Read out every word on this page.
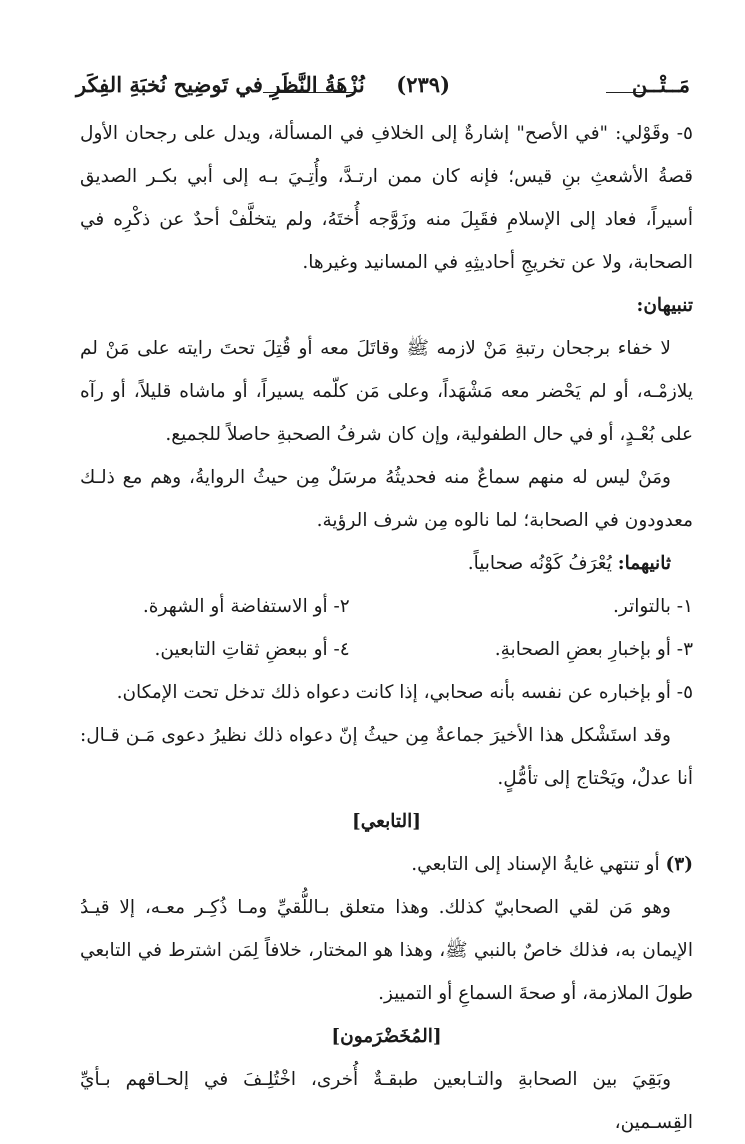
مَــتْــن
(٢٣٩)
نُزْهَةُ النَّظَرِ في تَوضِيح نُخبَةِ الفِكَر

٥- وقَوْلي: "في الأصح" إشارةٌ إلى الخلافِ في المسألة، ويدل على رجحان الأول قصةُ الأشعثِ بنِ قيس؛ فإنه كان ممن ارتـدَّ، وأُتِـيَ بـه إلى أبي بكـر الصديق أسيراً، فعاد إلى الإسلامِ فقَبِلَ منه وزَوَّجه أُختَهُ، ولم يتخلَّفْ أحدٌ عن ذكْرِه في الصحابة، ولا عن تخريجِ أحاديثِهِ في المسانيد وغيرها.

تنبيهان:

لا خفاء برجحان رتبةِ مَنْ لازمه ﷺ وقاتَلَ معه أو قُتِلَ تحتَ رايته على مَنْ لم يلازمْـه، أو لم يَحْضر معه مَشْهَداً، وعلى مَن كلّمه يسيراً، أو ماشاه قليلاً، أو رآه على بُعْـدٍ، أو في حال الطفولية، وإن كان شرفُ الصحبةِ حاصلاً للجميع.

ومَنْ ليس له منهم سماعٌ منه فحديثُهُ مرسَلٌ مِن حيثُ الروايةُ، وهم مع ذلـك معدودون في الصحابة؛ لما نالوه مِن شرف الرؤية.

ثانيهما: يُعْرَفُ كَوْنُه صحابياً.

١- بالتواتر.
٢- أو الاستفاضة أو الشهرة.
٣- أو بإخبارِ بعضِ الصحابةِ.
٤- أو ببعضِ ثقاتِ التابعين.

٥- أو بإخباره عن نفسه بأنه صحابي، إذا كانت دعواه ذلك تدخل تحت الإمكان.

وقد استَشْكل هذا الأخيرَ جماعةٌ مِن حيثُ إنّ دعواه ذلك نظيرُ دعوى مَـن قـال: أنا عدلٌ، ويَحْتاج إلى تأمُّلٍ.

[التابعي]

(٣) أو تنتهي غايةُ الإسناد إلى التابعي.

وهو مَن لقي الصحابيّ كذلك. وهذا متعلق بـاللُّقيِّ ومـا ذُكِـر معـه، إلا قيـدُ الإيمان به، فذلك خاصٌ بالنبي ﷺ، وهذا هو المختار، خلافاً لِمَن اشترط في التابعي طولَ الملازمة، أو صحةَ السماعِ أو التمييز.

[المُخَضْرَمون]

وبَقِيَ بين الصحابةِ والتـابعين طبقـةٌ أُخرى، اخْتُلِـفَ في إلحـاقهم بـأيِّ القِسـمين،
